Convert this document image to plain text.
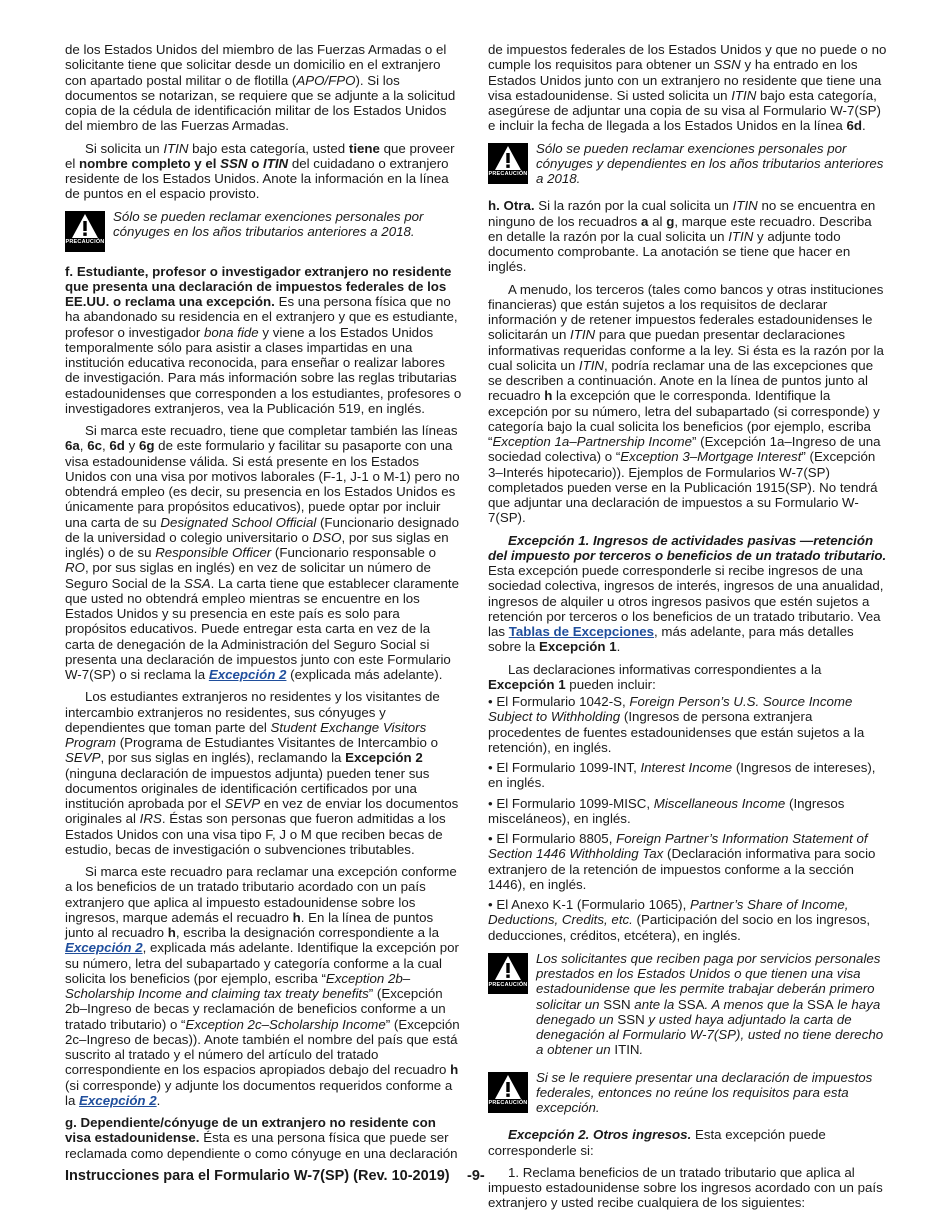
de los Estados Unidos del miembro de las Fuerzas Armadas o el solicitante tiene que solicitar desde un domicilio en el extranjero con apartado postal militar o de flotilla (APO/FPO). Si los documentos se notarizan, se requiere que se adjunte a la solicitud copia de la cédula de identificación militar de los Estados Unidos del miembro de las Fuerzas Armadas.

Si solicita un ITIN bajo esta categoría, usted tiene que proveer el nombre completo y el SSN o ITIN del cuidadano o extranjero residente de los Estados Unidos. Anote la información en la línea de puntos en el espacio provisto.

PRECAUCIÓN
Sólo se pueden reclamar exenciones personales por cónyuges en los años tributarios anteriores a 2018.

f. Estudiante, profesor o investigador extranjero no residente que presenta una declaración de impuestos federales de los EE.UU. o reclama una excepción. Es una persona física que no ha abandonado su residencia en el extranjero y que es estudiante, profesor o investigador bona fide y viene a los Estados Unidos temporalmente sólo para asistir a clases impartidas en una institución educativa reconocida, para enseñar o realizar labores de investigación. Para más información sobre las reglas tributarias estadounidenses que corresponden a los estudiantes, profesores o investigadores extranjeros, vea la Publicación 519, en inglés.

Si marca este recuadro, tiene que completar también las líneas 6a, 6c, 6d y 6g de este formulario y facilitar su pasaporte con una visa estadounidense válida. Si está presente en los Estados Unidos con una visa por motivos laborales (F-1, J-1 o M-1) pero no obtendrá empleo (es decir, su presencia en los Estados Unidos es únicamente para propósitos educativos), puede optar por incluir una carta de su Designated School Official (Funcionario designado de la universidad o colegio universitario o DSO, por sus siglas en inglés) o de su Responsible Officer (Funcionario responsable o RO, por sus siglas en inglés) en vez de solicitar un número de Seguro Social de la SSA. La carta tiene que establecer claramente que usted no obtendrá empleo mientras se encuentre en los Estados Unidos y su presencia en este país es solo para propósitos educativos. Puede entregar esta carta en vez de la carta de denegación de la Administración del Seguro Social si presenta una declaración de impuestos junto con este Formulario W-7(SP) o si reclama la Excepción 2 (explicada más adelante).

Los estudiantes extranjeros no residentes y los visitantes de intercambio extranjeros no residentes, sus cónyuges y dependientes que toman parte del Student Exchange Visitors Program (Programa de Estudiantes Visitantes de Intercambio o SEVP, por sus siglas en inglés), reclamando la Excepción 2 (ninguna declaración de impuestos adjunta) pueden tener sus documentos originales de identificación certificados por una institución aprobada por el SEVP en vez de enviar los documentos originales al IRS. Éstas son personas que fueron admitidas a los Estados Unidos con una visa tipo F, J o M que reciben becas de estudio, becas de investigación o subvenciones tributables.

Si marca este recuadro para reclamar una excepción conforme a los beneficios de un tratado tributario acordado con un país extranjero que aplica al impuesto estadounidense sobre los ingresos, marque además el recuadro h. En la línea de puntos junto al recuadro h, escriba la designación correspondiente a la Excepción 2, explicada más adelante. Identifique la excepción por su número, letra del subapartado y categoría conforme a la cual solicita los beneficios (por ejemplo, escriba “Exception 2b–Scholarship Income and claiming tax treaty benefits” (Excepción 2b–Ingreso de becas y reclamación de beneficios conforme a un tratado tributario) o “Exception 2c–Scholarship Income” (Excepción 2c–Ingreso de becas)). Anote también el nombre del país que está suscrito al tratado y el número del artículo del tratado correspondiente en los espacios apropiados debajo del recuadro h (si corresponde) y adjunte los documentos requeridos conforme a la Excepción 2.

g. Dependiente/cónyuge de un extranjero no residente con visa estadounidense. Ésta es una persona física que puede ser reclamada como dependiente o como cónyuge en una declaración

de impuestos federales de los Estados Unidos y que no puede o no cumple los requisitos para obtener un SSN y ha entrado en los Estados Unidos junto con un extranjero no residente que tiene una visa estadounidense. Si usted solicita un ITIN bajo esta categoría, asegúrese de adjuntar una copia de su visa al Formulario W-7(SP) e incluir la fecha de llegada a los Estados Unidos en la línea 6d.

PRECAUCIÓN
Sólo se pueden reclamar exenciones personales por cónyuges y dependientes en los años tributarios anteriores a 2018.

h. Otra. Si la razón por la cual solicita un ITIN no se encuentra en ninguno de los recuadros a al g, marque este recuadro. Describa en detalle la razón por la cual solicita un ITIN y adjunte todo documento comprobante. La anotación se tiene que hacer en inglés.

A menudo, los terceros (tales como bancos y otras instituciones financieras) que están sujetos a los requisitos de declarar información y de retener impuestos federales estadounidenses le solicitarán un ITIN para que puedan presentar declaraciones informativas requeridas conforme a la ley. Si ésta es la razón por la cual solicita un ITIN, podría reclamar una de las excepciones que se describen a continuación. Anote en la línea de puntos junto al recuadro h la excepción que le corresponda. Identifique la excepción por su número, letra del subapartado (si corresponde) y categoría bajo la cual solicita los beneficios (por ejemplo, escriba “Exception 1a–Partnership Income” (Excepción 1a–Ingreso de una sociedad colectiva) o “Exception 3–Mortgage Interest” (Excepción 3–Interés hipotecario)). Ejemplos de Formularios W-7(SP) completados pueden verse en la Publicación 1915(SP). No tendrá que adjuntar una declaración de impuestos a su Formulario W-7(SP).

Excepción 1. Ingresos de actividades pasivas —retención del impuesto por terceros o beneficios de un tratado tributario. Esta excepción puede corresponderle si recibe ingresos de una sociedad colectiva, ingresos de interés, ingresos de una anualidad, ingresos de alquiler u otros ingresos pasivos que estén sujetos a retención por terceros o los beneficios de un tratado tributario. Vea las Tablas de Excepciones, más adelante, para más detalles sobre la Excepción 1.

Las declaraciones informativas correspondientes a la Excepción 1 pueden incluir:

• El Formulario 1042-S, Foreign Person’s U.S. Source Income Subject to Withholding (Ingresos de persona extranjera procedentes de fuentes estadounidenses que están sujetos a la retención), en inglés.
• El Formulario 1099-INT, Interest Income (Ingresos de intereses), en inglés.
• El Formulario 1099-MISC, Miscellaneous Income (Ingresos misceláneos), en inglés.
• El Formulario 8805, Foreign Partner’s Information Statement of Section 1446 Withholding Tax (Declaración informativa para socio extranjero de la retención de impuestos conforme a la sección 1446), en inglés.
• El Anexo K-1 (Formulario 1065), Partner’s Share of Income, Deductions, Credits, etc. (Participación del socio en los ingresos, deducciones, créditos, etcétera), en inglés.
PRECAUCIÓN
Los solicitantes que reciben paga por servicios personales prestados en los Estados Unidos o que tienen una visa estadounidense que les permite trabajar deberán primero solicitar un SSN ante la SSA. A menos que la SSA le haya denegado un SSN y usted haya adjuntado la carta de denegación al Formulario W-7(SP), usted no tiene derecho a obtener un ITIN.
PRECAUCIÓN
Si se le requiere presentar una declaración de impuestos federales, entonces no reúne los requisitos para esta excepción.

Excepción 2. Otros ingresos. Esta excepción puede corresponderle si:

1. Reclama beneficios de un tratado tributario que aplica al impuesto estadounidense sobre los ingresos acordado con un país extranjero y usted recibe cualquiera de los siguientes:

Instrucciones para el Formulario W-7(SP) (Rev. 10-2019) -9-
